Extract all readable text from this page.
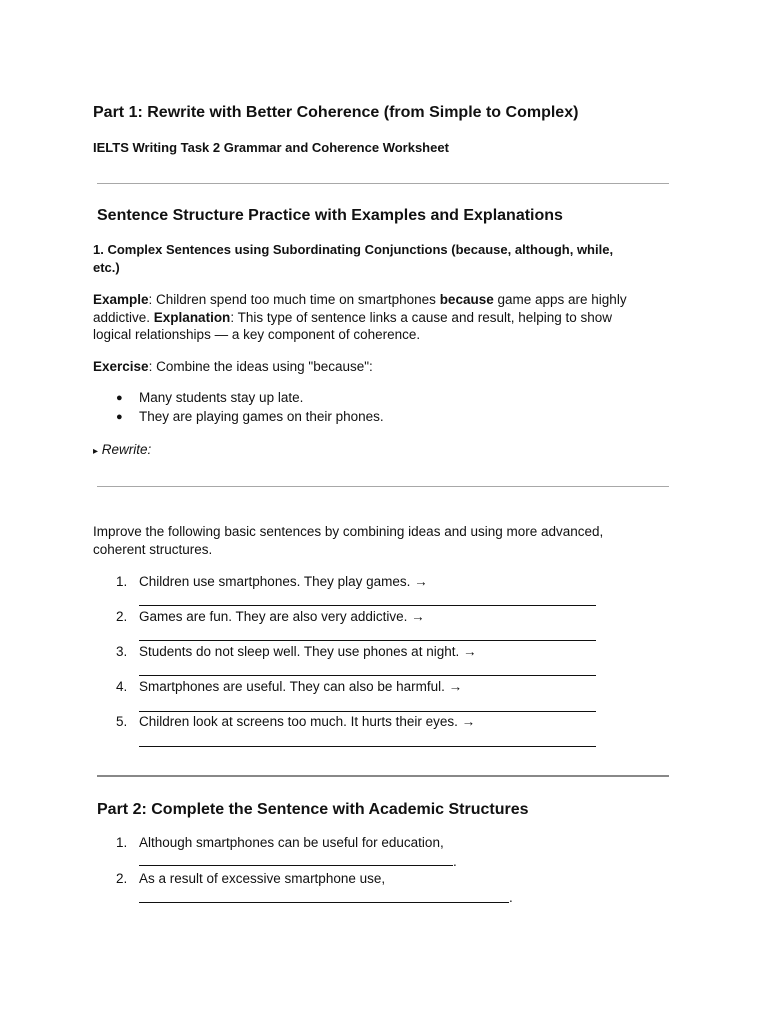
Part 1: Rewrite with Better Coherence (from Simple to Complex)
IELTS Writing Task 2 Grammar and Coherence Worksheet
Sentence Structure Practice with Examples and Explanations
1. Complex Sentences using Subordinating Conjunctions (because, although, while,
etc.)
Example: Children spend too much time on smartphones because game apps are highly
addictive. Explanation: This type of sentence links a cause and result, helping to show
logical relationships — a key component of coherence.
Exercise: Combine the ideas using "because":
● Many students stay up late.
● They are playing games on their phones.
▸ Rewrite:
Improve the following basic sentences by combining ideas and using more advanced,
coherent structures.
1. Children use smartphones. They play games. →
2. Games are fun. They are also very addictive. →
3. Students do not sleep well. They use phones at night. →
4. Smartphones are useful. They can also be harmful. →
5. Children look at screens too much. It hurts their eyes. →
Part 2: Complete the Sentence with Academic Structures
1. Although smartphones can be useful for education,
.
2. As a result of excessive smartphone use,
.
